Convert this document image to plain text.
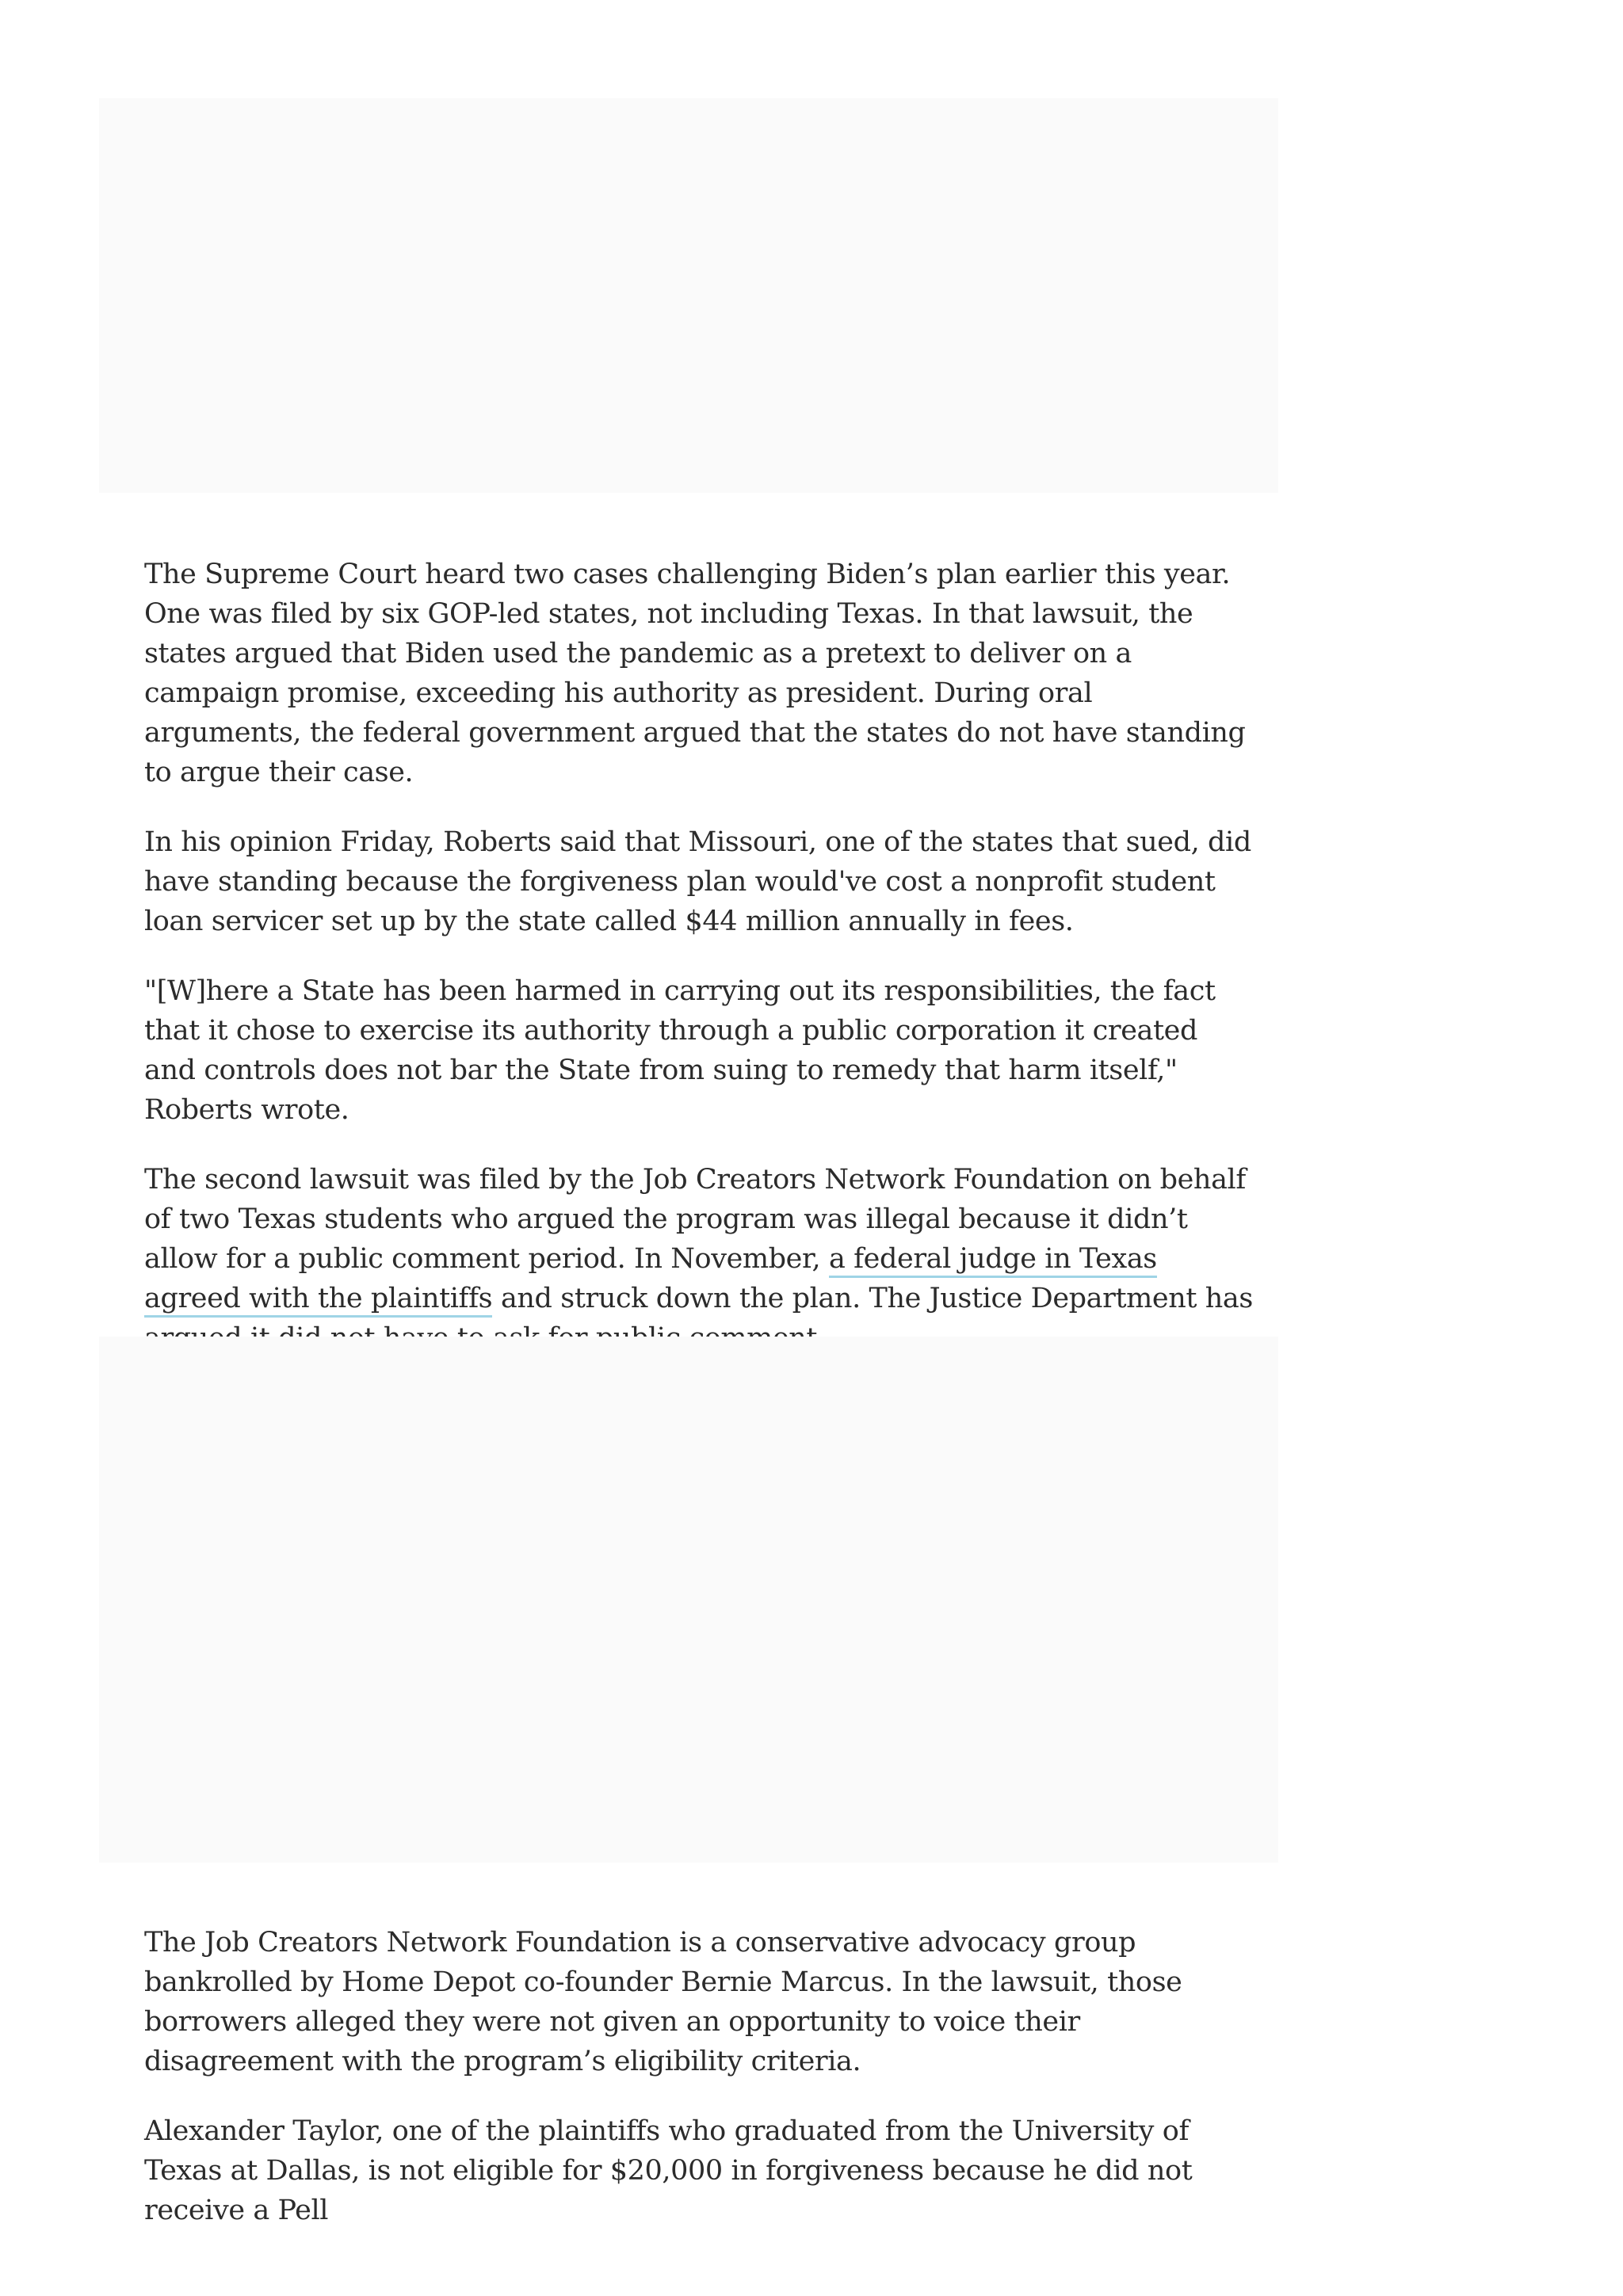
The Supreme Court heard two cases challenging Biden’s plan earlier this year. One was filed by six GOP-led states, not including Texas. In that lawsuit, the states argued that Biden used the pandemic as a pretext to deliver on a campaign promise, exceeding his authority as president. During oral arguments, the federal government argued that the states do not have standing to argue their case.

In his opinion Friday, Roberts said that Missouri, one of the states that sued, did have standing because the forgiveness plan would've cost a nonprofit student loan servicer set up by the state called $44 million annually in fees.

"[W]here a State has been harmed in carrying out its responsibilities, the fact that it chose to exercise its authority through a public corporation it created and controls does not bar the State from suing to remedy that harm itself," Roberts wrote.

The second lawsuit was filed by the Job Creators Network Foundation on behalf of two Texas students who argued the program was illegal because it didn’t allow for a public comment period. In November, a federal judge in Texas agreed with the plaintiffs and struck down the plan. The Justice Department has

The Job Creators Network Foundation is a conservative advocacy group bankrolled by Home Depot co-founder Bernie Marcus. In the lawsuit, those borrowers alleged they were not given an opportunity to voice their disagreement with the program’s eligibility criteria.

Alexander Taylor, one of the plaintiffs who graduated from the University of Texas at Dallas, is not eligible for $20,000 in forgiveness because he did not receive a Pell
